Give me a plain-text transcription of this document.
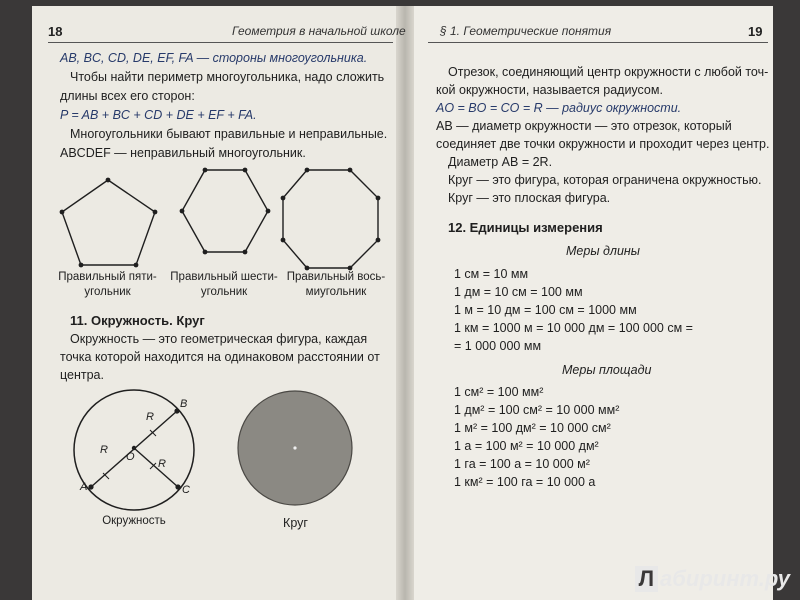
18	Геометрия в начальной школе
AB, BC, CD, DE, EF, FA — стороны многоугольника.
Чтобы найти периметр многоугольника, надо сложить
длины всех его сторон:
P = AB + BC + CD + DE + EF + FA.
Многоугольники бывают правильные и неправильные.
ABCDEF — неправильный многоугольник.
Правильный пяти-
угольник
Правильный шести-
угольник
Правильный вось-
миугольник
11. Окружность. Круг
Окружность — это геометрическая фигура, каждая
точка которой находится на одинаковом расстоянии от
центра.
B
R
R
R
O
A	C
Окружность	Круг
§ 1. Геометрические понятия	19
Отрезок, соединяющий центр окружности с любой точ-
кой окружности, называется радиусом.
AO = BO = CO = R — радиус окружности.
AB — диаметр окружности — это отрезок, который
соединяет две точки окружности и проходит через центр.
Диаметр AB = 2R.
Круг — это фигура, которая ограничена окружностью.
Круг — это плоская фигура.
12. Единицы измерения
Меры длины
1 см = 10 мм
1 дм = 10 см = 100 мм
1 м = 10 дм = 100 см = 1000 мм
1 км = 1000 м = 10 000 дм = 100 000 см =
= 1 000 000 мм
Меры площади
1 см² = 100 мм²
1 дм² = 100 см² = 10 000 мм²
1 м² = 100 дм² = 10 000 см²
1 а = 100 м² = 10 000 дм²
1 га = 100 а = 10 000 м²
1 км² = 100 га = 10 000 а
Л абиринт.ру
